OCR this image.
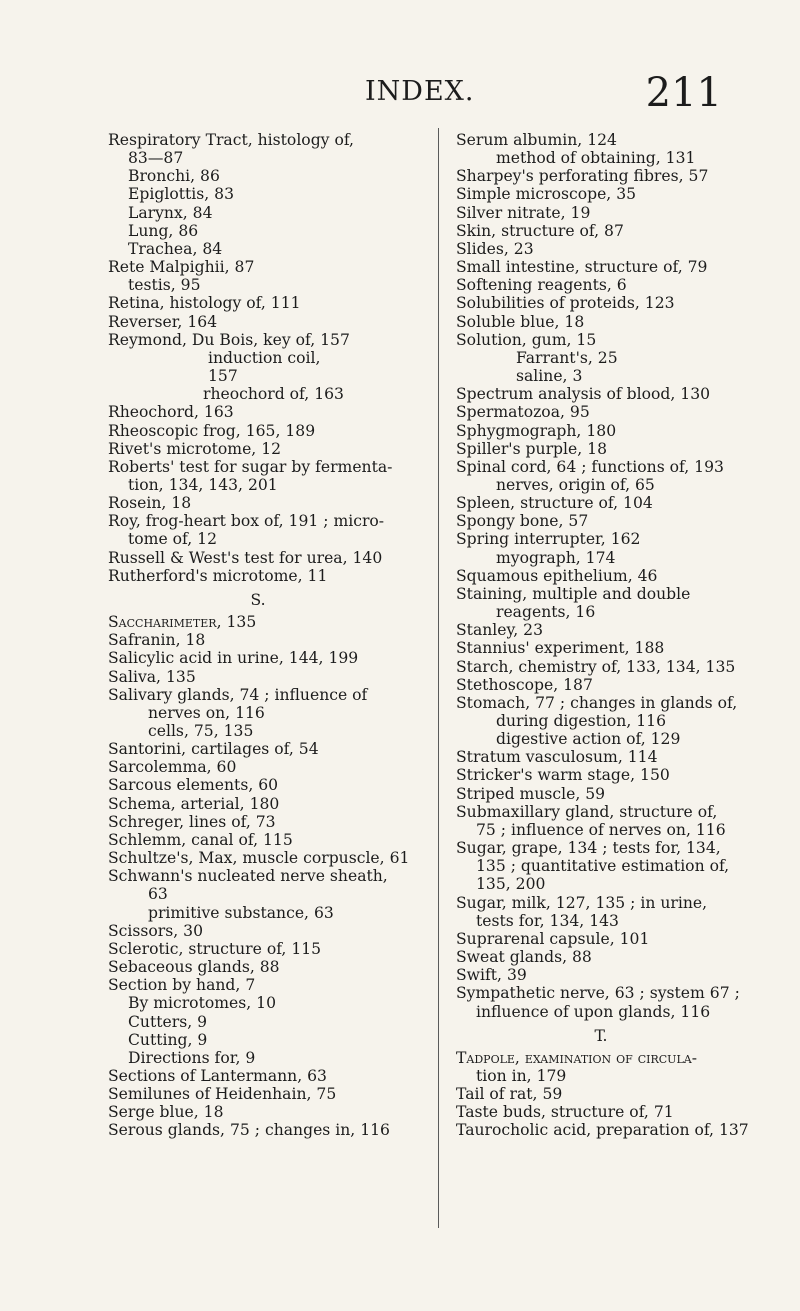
INDEX.	211
Respiratory Tract, histology of,
83—87
Bronchi, 86
Epiglottis, 83
Larynx, 84
Lung, 86
Trachea, 84
Rete Malpighii, 87
testis, 95
Retina, histology of, 111
Reverser, 164
Reymond, Du Bois, key of, 157
induction coil,
157
rheochord of, 163
Rheochord, 163
Rheoscopic frog, 165, 189
Rivet's microtome, 12
Roberts' test for sugar by fermenta-
tion, 134, 143, 201
Rosein, 18
Roy, frog-heart box of, 191 ; micro-
tome of, 12
Russell & West's test for urea, 140
Rutherford's microtome, 11
S.
Saccharimeter, 135
Safranin, 18
Salicylic acid in urine, 144, 199
Saliva, 135
Salivary glands, 74 ; influence of
nerves on, 116
cells, 75, 135
Santorini, cartilages of, 54
Sarcolemma, 60
Sarcous elements, 60
Schema, arterial, 180
Schreger, lines of, 73
Schlemm, canal of, 115
Schultze's, Max, muscle corpuscle, 61
Schwann's nucleated nerve sheath,
63
primitive substance, 63
Scissors, 30
Sclerotic, structure of, 115
Sebaceous glands, 88
Section by hand, 7
By microtomes, 10
Cutters, 9
Cutting, 9
Directions for, 9
Sections of Lantermann, 63
Semilunes of Heidenhain, 75
Serge blue, 18
Serous glands, 75 ; changes in, 116
Serum albumin, 124
method of obtaining, 131
Sharpey's perforating fibres, 57
Simple microscope, 35
Silver nitrate, 19
Skin, structure of, 87
Slides, 23
Small intestine, structure of, 79
Softening reagents, 6
Solubilities of proteids, 123
Soluble blue, 18
Solution, gum, 15
Farrant's, 25
saline, 3
Spectrum analysis of blood, 130
Spermatozoa, 95
Sphygmograph, 180
Spiller's purple, 18
Spinal cord, 64 ; functions of, 193
nerves, origin of, 65
Spleen, structure of, 104
Spongy bone, 57
Spring interrupter, 162
myograph, 174
Squamous epithelium, 46
Staining, multiple and double
reagents, 16
Stanley, 23
Stannius' experiment, 188
Starch, chemistry of, 133, 134, 135
Stethoscope, 187
Stomach, 77 ; changes in glands of,
during digestion, 116
digestive action of, 129
Stratum vasculosum, 114
Stricker's warm stage, 150
Striped muscle, 59
Submaxillary gland, structure of,
75 ; influence of nerves on, 116
Sugar, grape, 134 ; tests for, 134,
135 ; quantitative estimation of,
135, 200
Sugar, milk, 127, 135 ; in urine,
tests for, 134, 143
Suprarenal capsule, 101
Sweat glands, 88
Swift, 39
Sympathetic nerve, 63 ; system 67 ;
influence of upon glands, 116
T.
Tadpole, examination of circula-
tion in, 179
Tail of rat, 59
Taste buds, structure of, 71
Taurocholic acid, preparation of, 137
